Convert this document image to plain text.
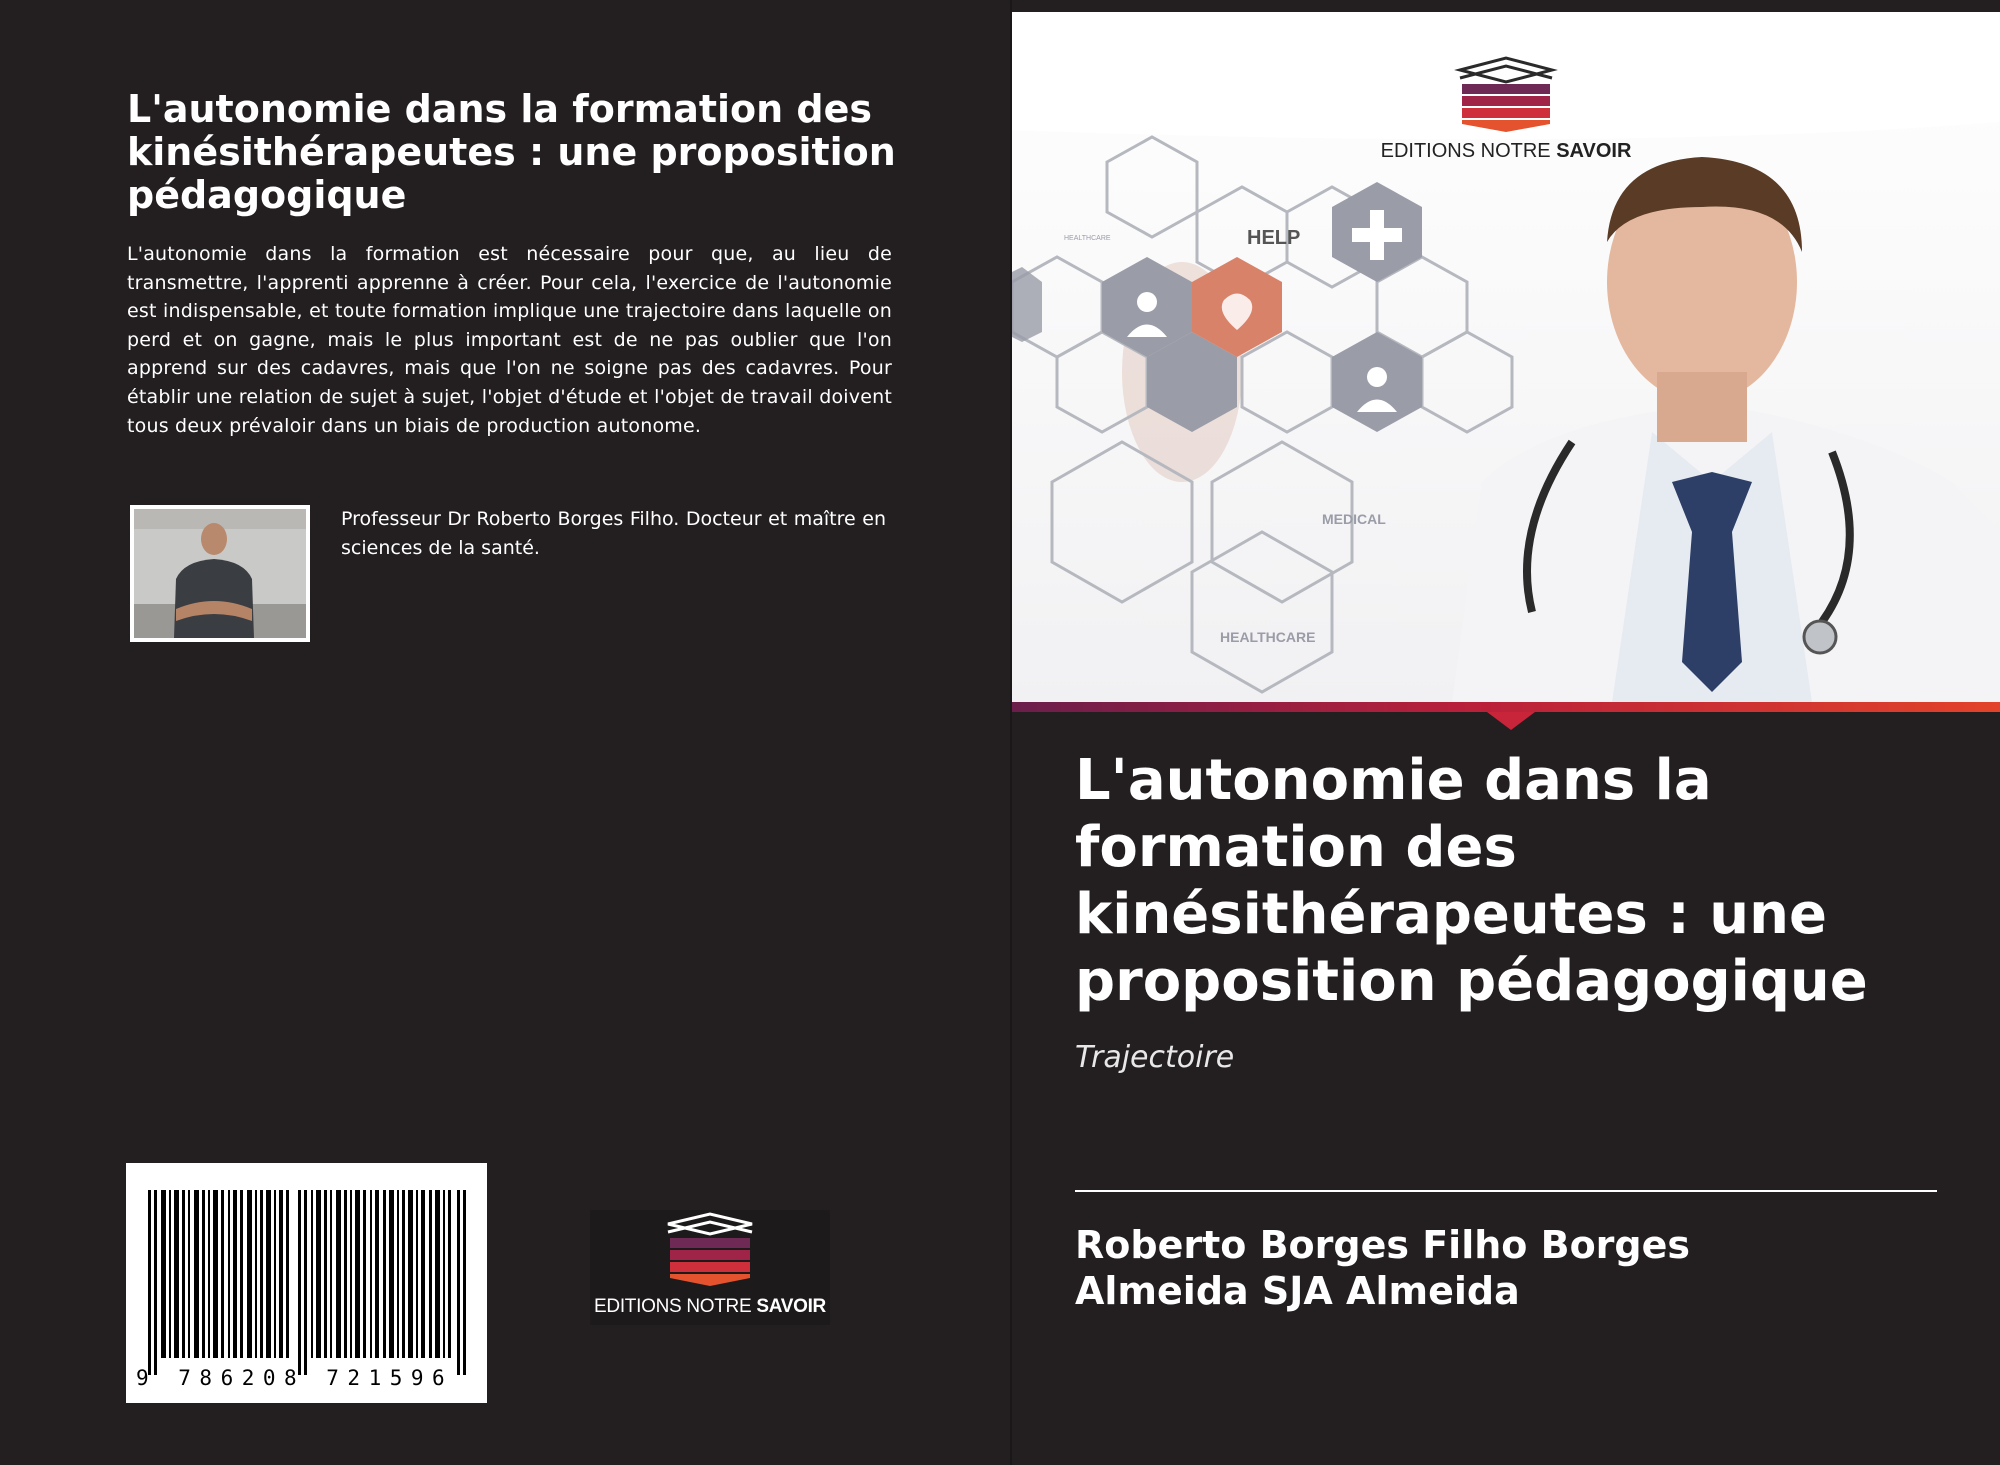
L'autonomie dans la formation des kinésithérapeutes : une proposition pédagogique

L'autonomie dans la formation est nécessaire pour que, au lieu de transmettre, l'apprenti apprenne à créer. Pour cela, l'exercice de l'autonomie est indispensable, et toute formation implique une trajectoire dans laquelle on perd et on gagne, mais le plus important est de ne pas oublier que l'on apprend sur des cadavres, mais que l'on ne soigne pas des cadavres. Pour établir une relation de sujet à sujet, l'objet d'étude et l'objet de travail doivent tous deux prévaloir dans un biais de production autonome.

Professeur Dr Roberto Borges Filho. Docteur et maître en sciences de la santé.

9 786208 721596
EDITIONS NOTRE SAVOIR
HELP
MEDICAL
HEALTHCARE
HEALTHCARE
EDITIONS NOTRE SAVOIR
L'autonomie dans la formation des kinésithérapeutes : une proposition pédagogique

Trajectoire

Roberto Borges Filho Borges
Almeida SJA Almeida
